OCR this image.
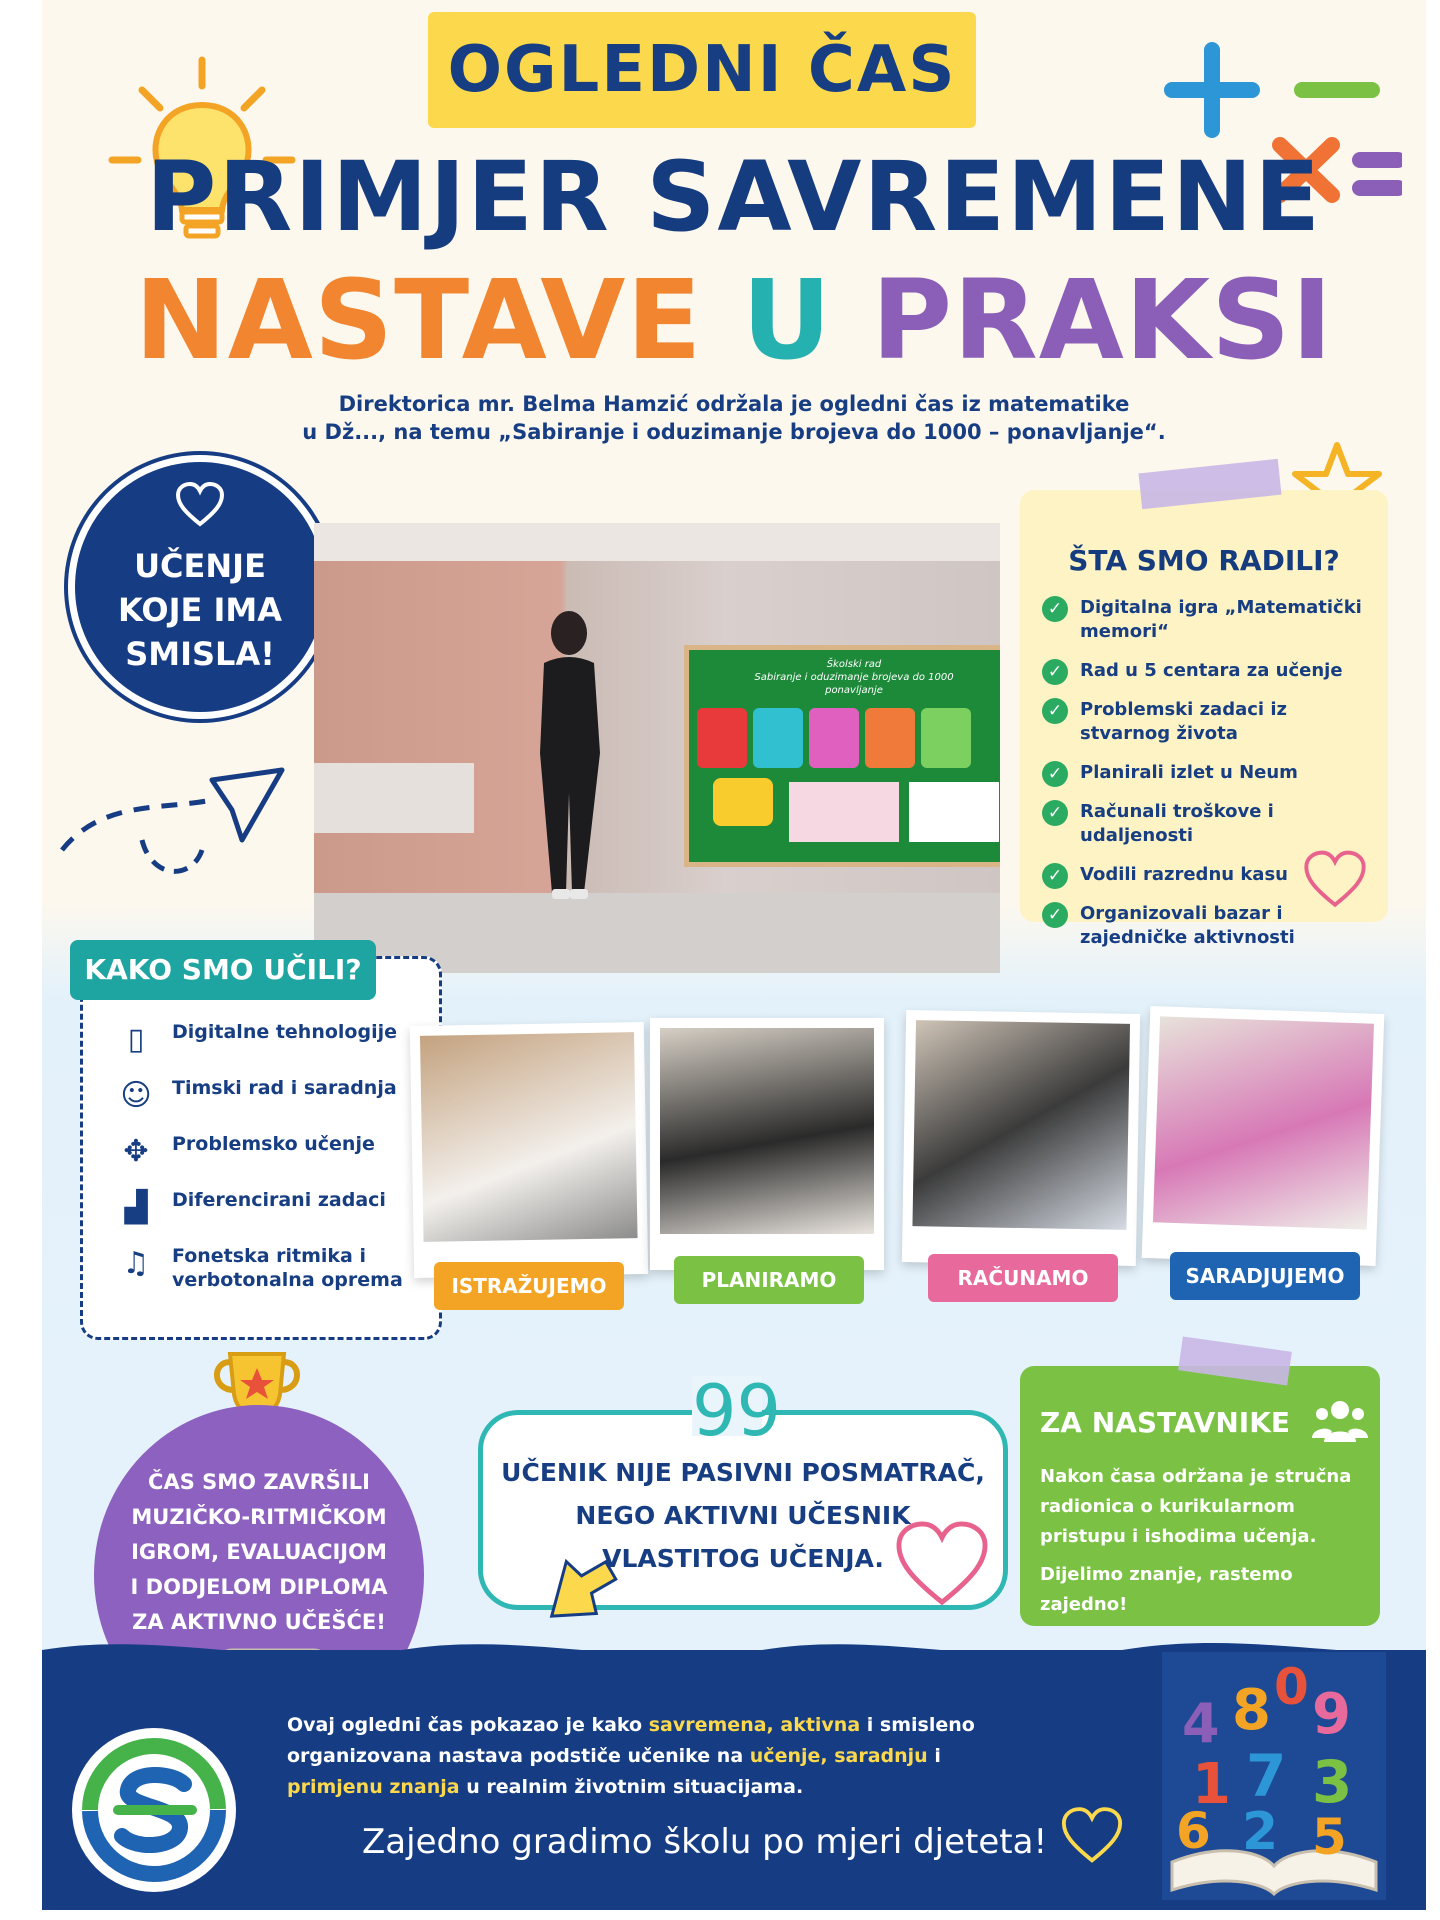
OGLEDNI ČAS
PRIMJER SAVREMENE
NASTAVE U PRAKSI
Direktorica mr. Belma Hamzić održala je ogledni čas iz matematike
u Dž..., na temu „Sabiranje i oduzimanje brojeva do 1000 – ponavljanje“.
UČENJE
KOJE IMA
SMISLA!	Školski rad
Sabiranje i oduzimanje brojeva do 1000
ponavljanje
ŠTA SMO RADILI?
✓ Digitalna igra „Matematički memori“
✓ Rad u 5 centara za učenje
✓ Problemski zadaci iz stvarnog života
✓ Planirali izlet u Neum
✓ Računali troškove i udaljenosti
✓ Vodili razrednu kasu
✓ Organizovali bazar i zajedničke aktivnosti
KAKO SMO UČILI?
▯	Digitalne tehnologije
☺ Timski rad i saradnja
✥	Problemsko učenje
▟	Diferencirani zadaci
♫	Fonetska ritmika i verbotonalna oprema	ISTRAŽUJEMO	PLANIRAMO	RAČUNAMO	SARADJUJEMO
ČAS SMO ZAVRŠILI
MUZIČKO-RITMIČKOM
IGROM, EVALUACIJOM
I DODJELOM DIPLOMA
ZA AKTIVNO UČEŠĆE!
UČENIK NIJE PASIVNI POSMATRAČ,
NEGO AKTIVNI UČESNIK
VLASTITOG UČENJA.
99	ZA NASTAVNIKE

Nakon časa održana je stručna radionica o kurikularnom pristupu i ishodima učenja.

Dijelimo znanje, rastemo zajedno!

Ovaj ogledni čas pokazao je kako savremena, aktivna i smisleno organizovana nastava podstiče učenike na učenje, saradnju i primjenu znanja u realnim životnim situacijama.
Zajedno gradimo školu po mjeri djeteta!
4 8 0 9
1 7 3
6 2 5
